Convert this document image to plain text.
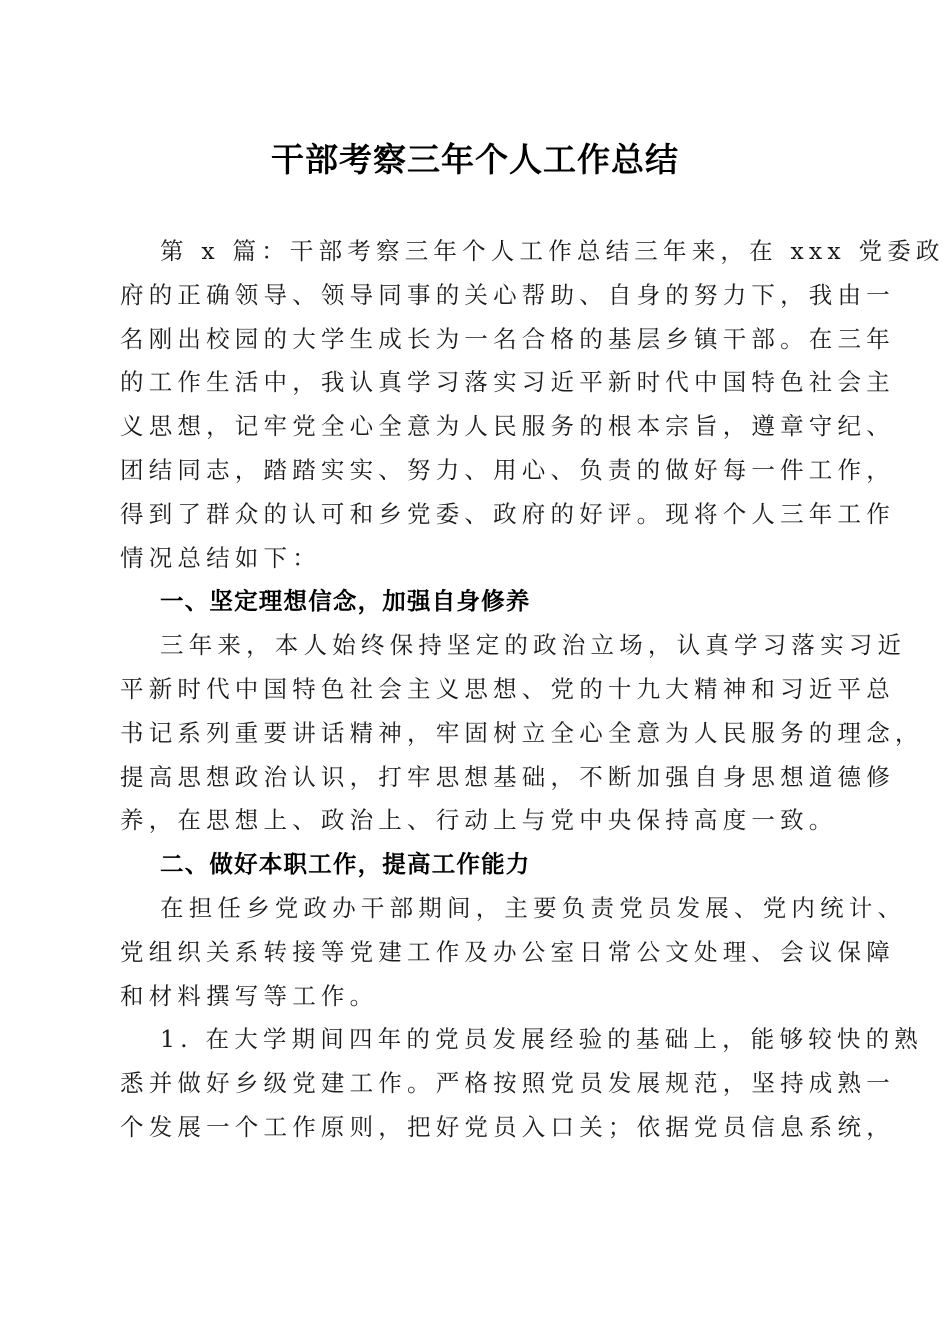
干部考察三年个人工作总结
第 x 篇：干部考察三年个人工作总结三年来，在 xxx 党委政
府的正确领导、领导同事的关心帮助、自身的努力下，我由一
名刚出校园的大学生成长为一名合格的基层乡镇干部。在三年
的工作生活中，我认真学习落实习近平新时代中国特色社会主
义思想，记牢党全心全意为人民服务的根本宗旨，遵章守纪、
团结同志，踏踏实实、努力、用心、负责的做好每一件工作，
得到了群众的认可和乡党委、政府的好评。现将个人三年工作
情况总结如下：
一、坚定理想信念，加强自身修养
三年来，本人始终保持坚定的政治立场，认真学习落实习近
平新时代中国特色社会主义思想、党的十九大精神和习近平总
书记系列重要讲话精神，牢固树立全心全意为人民服务的理念，
提高思想政治认识，打牢思想基础，不断加强自身思想道德修
养，在思想上、政治上、行动上与党中央保持高度一致。
二、做好本职工作，提高工作能力
在担任乡党政办干部期间，主要负责党员发展、党内统计、
党组织关系转接等党建工作及办公室日常公文处理、会议保障
和材料撰写等工作。
1. 在大学期间四年的党员发展经验的基础上，能够较快的熟
悉并做好乡级党建工作。严格按照党员发展规范，坚持成熟一
个发展一个工作原则，把好党员入口关；依据党员信息系统，
